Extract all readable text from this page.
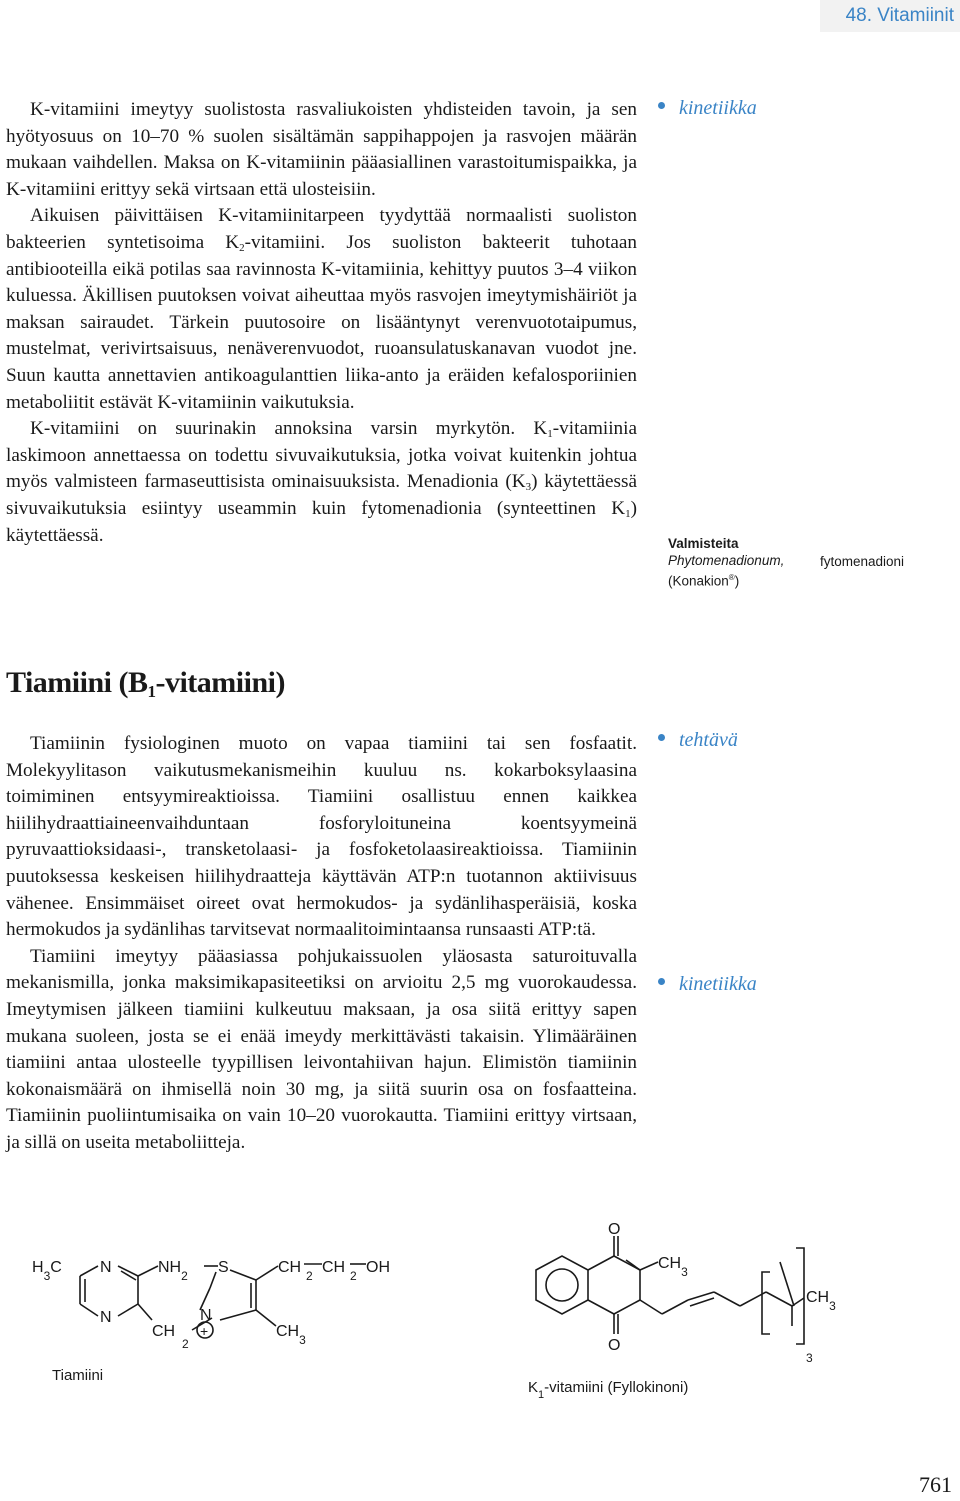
48. Vitamiinit

K-vitamiini imeytyy suolistosta rasvaliukoisten yhdisteiden tavoin, ja sen hyötyosuus on 10–70 % suolen sisältämän sappihappojen ja rasvojen määrän mukaan vaihdellen. Maksa on K-vitamiinin pääasiallinen varastoitumispaikka, ja K-vitamiini erittyy sekä virtsaan että ulosteisiin.

Aikuisen päivittäisen K-vitamiinitarpeen tyydyttää normaalisti suoliston bakteerien syntetisoima $K_2$-vitamiini. Jos suoliston bakteerit tuhotaan antibiooteilla eikä potilas saa ravinnosta K-vitamiinia, kehittyy puutos 3–4 viikon kuluessa. Äkillisen puutoksen voivat aiheuttaa myös rasvojen imeytymishäiriöt ja maksan sairaudet. Tärkein puutosoire on lisääntynyt verenvuototaipumus, mustelmat, verivirtsaisuus, nenäverenvuodot, ruoansulatuskanavan vuodot jne. Suun kautta annettavien antikoagulanttien liika-anto ja eräiden kefalosporiinien metaboliitit estävät K-vitamiinin vaikutuksia.

K-vitamiini on suurinakin annoksina varsin myrkytön. $K_1$-vitamiinia laskimoon annettaessa on todettu sivuvaikutuksia, jotka voivat kuitenkin johtua myös valmisteen farmaseuttisista ominaisuuksista. Menadionia $(K_3)$ käytettäessä sivuvaikutuksia esiintyy useammin kuin fytomenadionia (synteettinen $K_1$) käytettäessä.

kinetiikka
tehtävä
kinetiikka
Valmisteita
Phytomenadionum,
(Konakion®)
fytomenadioni
Tiamiini $(B_1-vitamiini)$

Tiamiinin fysiologinen muoto on vapaa tiamiini tai sen fosfaatit. Molekyylitason vaikutusmekanismeihin kuuluu ns. kokarboksylaasina toimiminen entsyymireaktioissa. Tiamiini osallistuu ennen kaikkea hiilihydraattiaineenvaihduntaan fosforyloituneina koentsyymeinä pyruvaattioksidaasi-, transketolaasi- ja fosfoketolaasireaktioissa. Tiamiinin puutoksessa keskeisen hiilihydraatteja käyttävän ATP:n tuotannon aktiivisuus vähenee. Ensimmäiset oireet ovat hermokudos- ja sydänlihasperäisiä, koska hermokudos ja sydänlihas tarvitsevat normaalitoimintaansa runsaasti ATP:tä.

Tiamiini imeytyy pääasiassa pohjukaissuolen yläosasta saturoituvalla mekanismilla, jonka maksimikapasiteetiksi on arvioitu 2,5 mg vuorokaudessa. Imeytymisen jälkeen tiamiini kulkeutuu maksaan, ja osa siitä erittyy sapen mukana suoleen, josta se ei enää imeydy merkittävästi takaisin. Ylimääräinen tiamiini antaa ulosteelle tyypillisen leivontahiivan hajun. Elimistön tiamiinin kokonaismäärä on ihmisellä noin 30 mg, ja siitä suurin osa on fosfaatteina. Tiamiinin puoliintumisaika on vain 10–20 vuorokautta. Tiamiini erittyy virtsaan, ja sillä on useita metaboliitteja.

$H_3C$ N
N
$NH_2$ S	CH 2 CH 2 OH
CH
2
N
+	$CH_3$
Tiamiini
O
O
$CH_3$
$CH_3$
3
$K_1$-vitamiini (Fyllokinoni)
761
